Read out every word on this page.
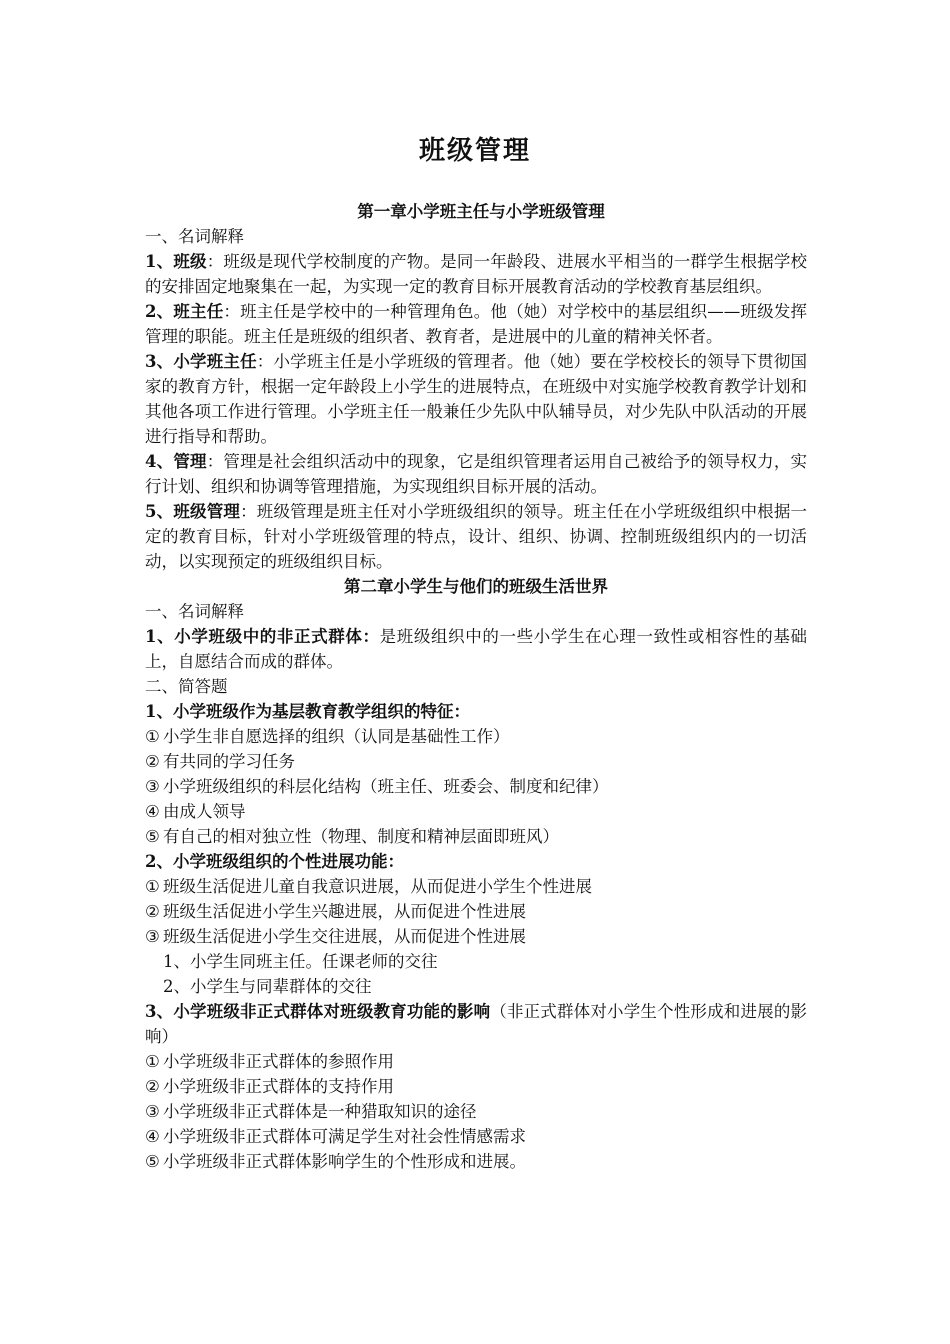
班级管理

第一章小学班主任与小学班级管理

一、名词解释

1、班级：班级是现代学校制度的产物。是同一年龄段、进展水平相当的一群学生根据学校的安排固定地聚集在一起，为实现一定的教育目标开展教育活动的学校教育基层组织。

2、班主任：班主任是学校中的一种管理角色。他（她）对学校中的基层组织——班级发挥管理的职能。班主任是班级的组织者、教育者，是进展中的儿童的精神关怀者。

3、小学班主任：小学班主任是小学班级的管理者。他（她）要在学校校长的领导下贯彻国家的教育方针，根据一定年龄段上小学生的进展特点，在班级中对实施学校教育教学计划和其他各项工作进行管理。小学班主任一般兼任少先队中队辅导员，对少先队中队活动的开展进行指导和帮助。

4、管理：管理是社会组织活动中的现象，它是组织管理者运用自己被给予的领导权力，实行计划、组织和协调等管理措施，为实现组织目标开展的活动。

5、班级管理：班级管理是班主任对小学班级组织的领导。班主任在小学班级组织中根据一定的教育目标，针对小学班级管理的特点，设计、组织、协调、控制班级组织内的一切活动，以实现预定的班级组织目标。

第二章小学生与他们的班级生活世界

一、名词解释

1、小学班级中的非正式群体：是班级组织中的一些小学生在心理一致性或相容性的基础上，自愿结合而成的群体。

二、简答题

1、小学班级作为基层教育教学组织的特征：

① 小学生非自愿选择的组织（认同是基础性工作）

② 有共同的学习任务

③ 小学班级组织的科层化结构（班主任、班委会、制度和纪律）

④ 由成人领导

⑤ 有自己的相对独立性（物理、制度和精神层面即班风）

2、小学班级组织的个性进展功能：

① 班级生活促进儿童自我意识进展，从而促进小学生个性进展

② 班级生活促进小学生兴趣进展，从而促进个性进展

③ 班级生活促进小学生交往进展，从而促进个性进展

1、小学生同班主任。任课老师的交往

2、小学生与同辈群体的交往

3、小学班级非正式群体对班级教育功能的影响（非正式群体对小学生个性形成和进展的影响）

① 小学班级非正式群体的参照作用

② 小学班级非正式群体的支持作用

③ 小学班级非正式群体是一种猎取知识的途径

④ 小学班级非正式群体可满足学生对社会性情感需求

⑤ 小学班级非正式群体影响学生的个性形成和进展。
